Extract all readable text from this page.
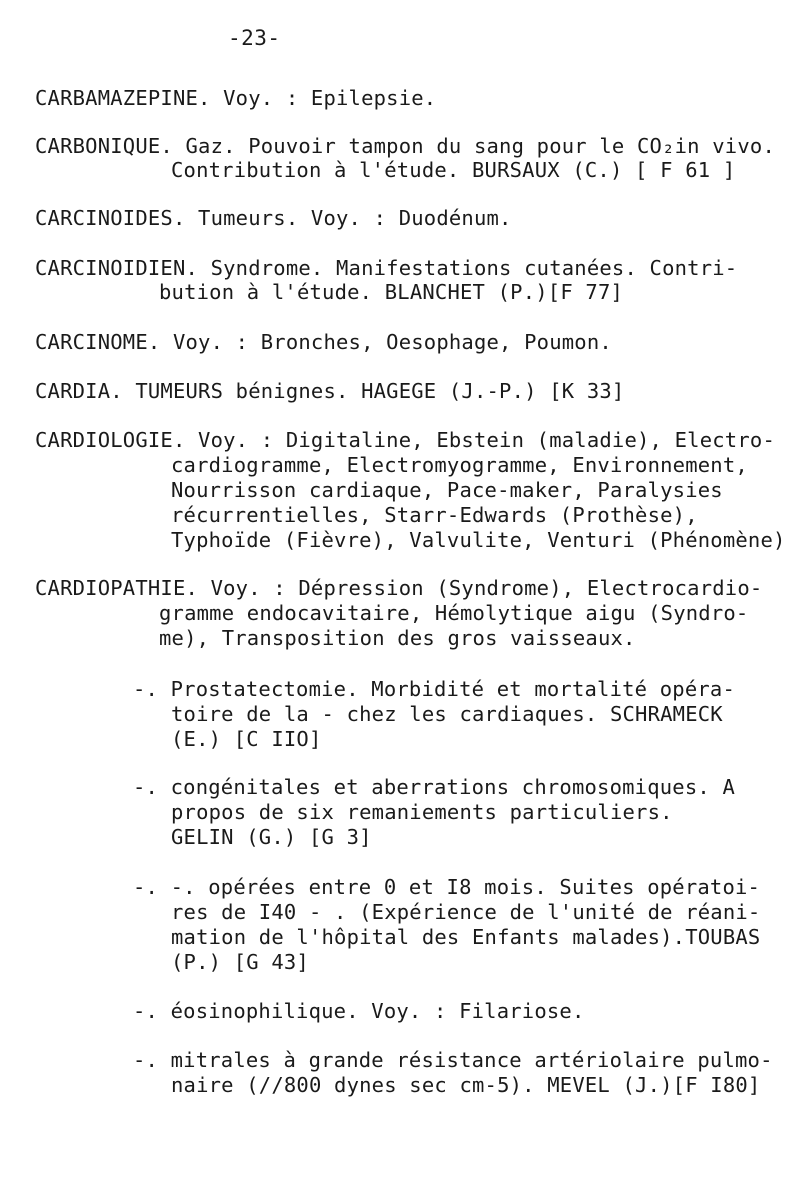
-23-
CARBAMAZEPINE. Voy. : Epilepsie.
CARBONIQUE. Gaz. Pouvoir tampon du sang pour le CO₂in vivo.
Contribution à l'étude. BURSAUX (C.) [ F 61 ]
CARCINOIDES. Tumeurs. Voy. : Duodénum.
CARCINOIDIEN. Syndrome. Manifestations cutanées. Contri-
bution à l'étude. BLANCHET (P.)[F 77]
CARCINOME. Voy. : Bronches, Oesophage, Poumon.
CARDIA. TUMEURS bénignes. HAGEGE (J.-P.) [K 33]
CARDIOLOGIE. Voy. : Digitaline, Ebstein (maladie), Electro-
cardiogramme, Electromyogramme, Environnement,
Nourrisson cardiaque, Pace-maker, Paralysies
récurrentielles, Starr-Edwards (Prothèse),
Typhoïde (Fièvre), Valvulite, Venturi (Phénomène)
CARDIOPATHIE. Voy. : Dépression (Syndrome), Electrocardio-
gramme endocavitaire, Hémolytique aigu (Syndro-
me), Transposition des gros vaisseaux.
-. Prostatectomie. Morbidité et mortalité opéra-
toire de la - chez les cardiaques. SCHRAMECK
(E.) [C IIO]
-. congénitales et aberrations chromosomiques. A
propos de six remaniements particuliers.
GELIN (G.) [G 3]
-. -. opérées entre 0 et I8 mois. Suites opératoi-
res de I40 - . (Expérience de l'unité de réani-
mation de l'hôpital des Enfants malades).TOUBAS
(P.) [G 43]
-. éosinophilique. Voy. : Filariose.
-. mitrales à grande résistance artériolaire pulmo-
naire (//800 dynes sec cm-5). MEVEL (J.)[F I80]
